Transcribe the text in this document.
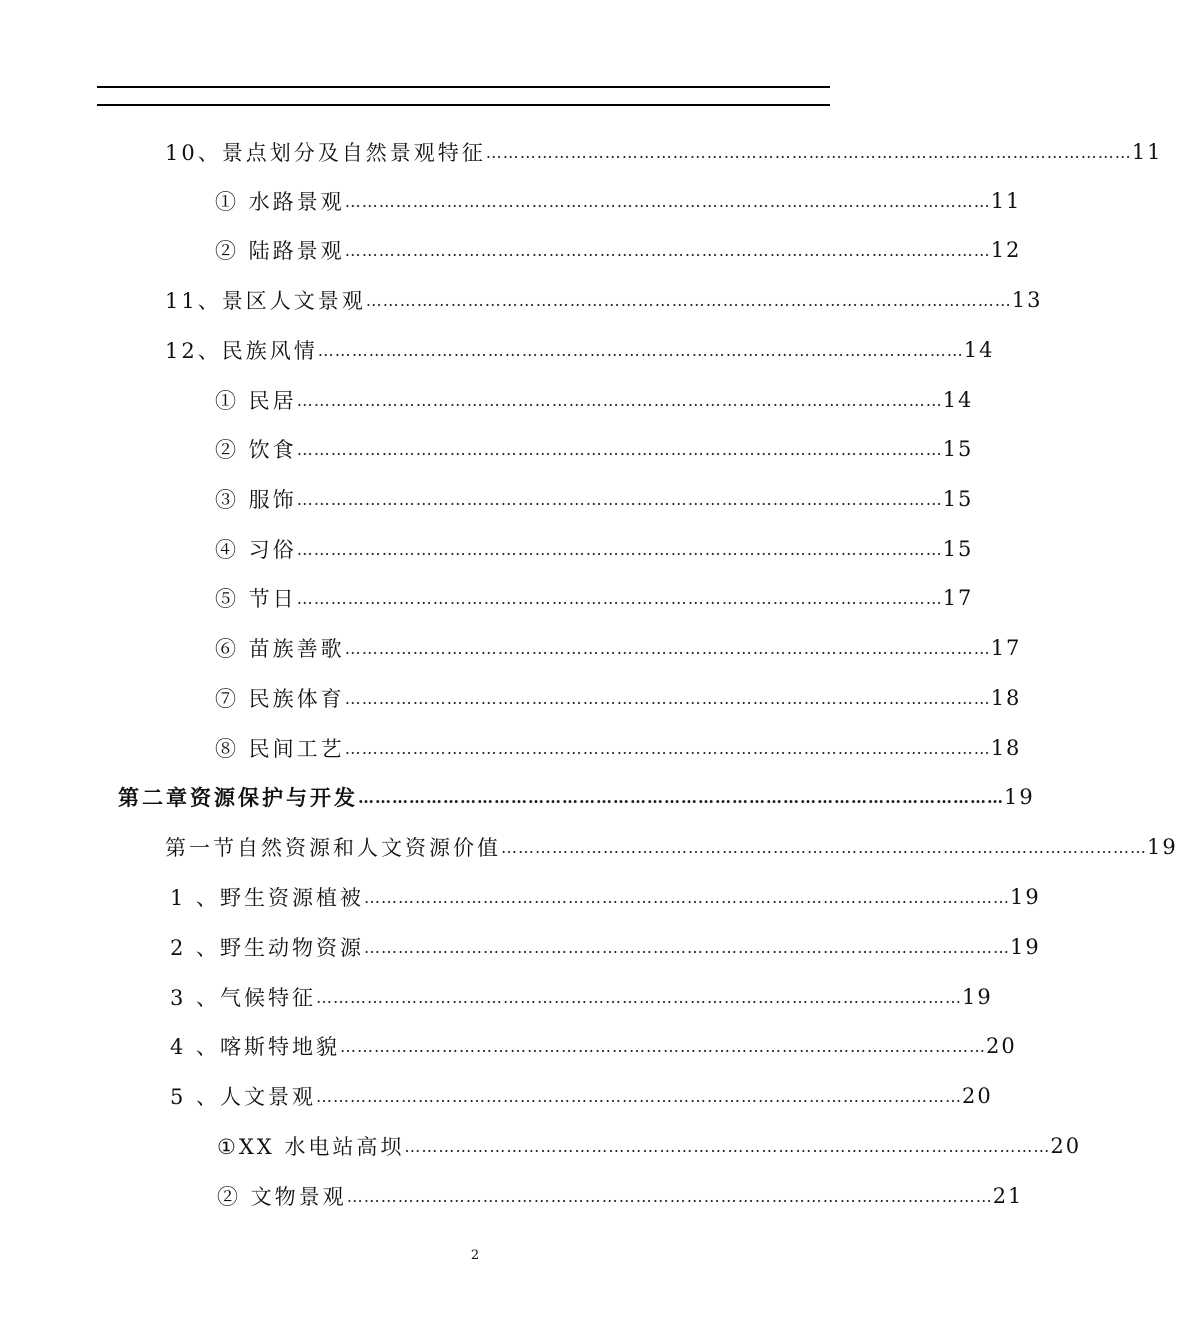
10、景点划分及自然景观特征 …………………………………………………………………………………………………… 11
① 水路景观 …………………………………………………………………………………………………… 11
② 陆路景观 …………………………………………………………………………………………………… 12
11、景区人文景观 …………………………………………………………………………………………………… 13
12、民族风情 …………………………………………………………………………………………………… 14
① 民居 …………………………………………………………………………………………………… 14
② 饮食 …………………………………………………………………………………………………… 15
③ 服饰 …………………………………………………………………………………………………… 15
④ 习俗 …………………………………………………………………………………………………… 15
⑤ 节日 …………………………………………………………………………………………………… 17
⑥ 苗族善歌 …………………………………………………………………………………………………… 17
⑦ 民族体育 …………………………………………………………………………………………………… 18
⑧ 民间工艺 …………………………………………………………………………………………………… 18
第二章 资源保护与开发 …………………………………………………………………………………………………… 19
第一节 自然资源和人文资源价值 …………………………………………………………………………………………………… 19
1 、野生资源植被 …………………………………………………………………………………………………… 19
2 、野生动物资源 …………………………………………………………………………………………………… 19
3 、气候特征 …………………………………………………………………………………………………… 19
4 、喀斯特地貌 …………………………………………………………………………………………………… 20
5 、人文景观 …………………………………………………………………………………………………… 20
①XX 水电站高坝 …………………………………………………………………………………………………… 20
② 文物景观 …………………………………………………………………………………………………… 21
2
